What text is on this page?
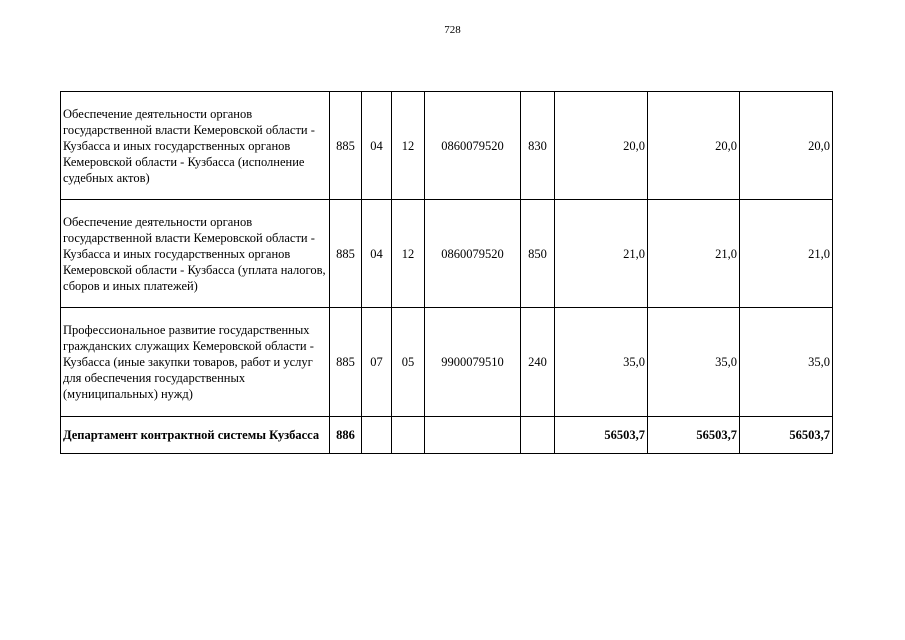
728
Обеспечение деятельности органов государственной власти Кемеровской области - Кузбасса и иных государственных органов Кемеровской области - Кузбасса (исполнение судебных актов)	885	04	12	0860079520	830	20,0	20,0	20,0
Обеспечение деятельности органов государственной власти Кемеровской области - Кузбасса и иных государственных органов Кемеровской области - Кузбасса (уплата налогов, сборов и иных платежей)	885	04	12	0860079520	850	21,0	21,0	21,0
Профессиональное развитие государственных гражданских служащих Кемеровской области - Кузбасса (иные закупки товаров, работ и услуг для обеспечения государственных (муниципальных) нужд)	885	07	05	9900079510	240	35,0	35,0	35,0
Департамент контрактной системы Кузбасса	886					56503,7	56503,7	56503,7
